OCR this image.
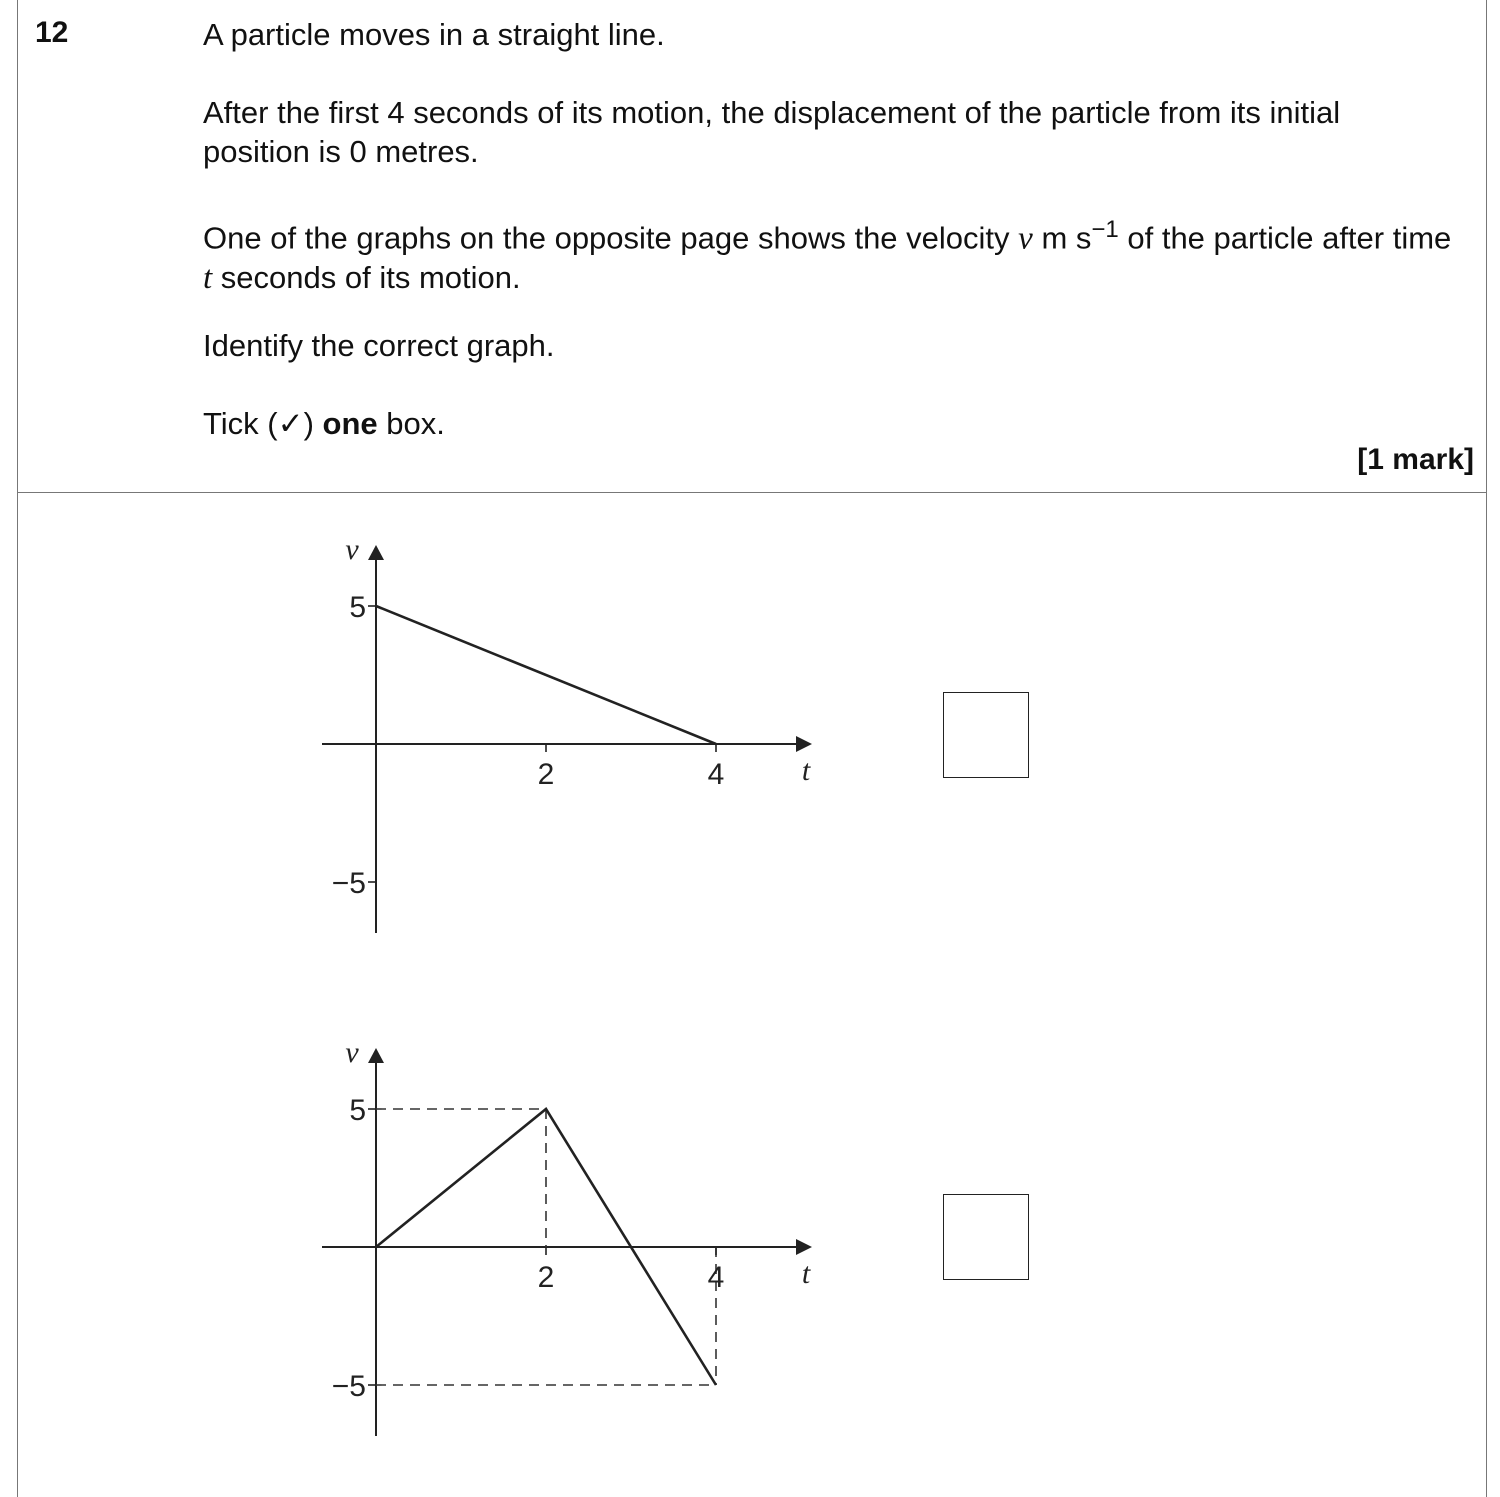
12	A particle moves in a straight line.
After the first 4 seconds of its motion, the displacement of the particle from its initial position is 0 metres.
One of the graphs on the opposite page shows the velocity v m $s^{-1}$ of the particle after time t seconds of its motion.
Identify the correct graph.
Tick (✓) one box.
[1 mark]
t
v
2	4
5
−5
t
v
2	4
5
−5
